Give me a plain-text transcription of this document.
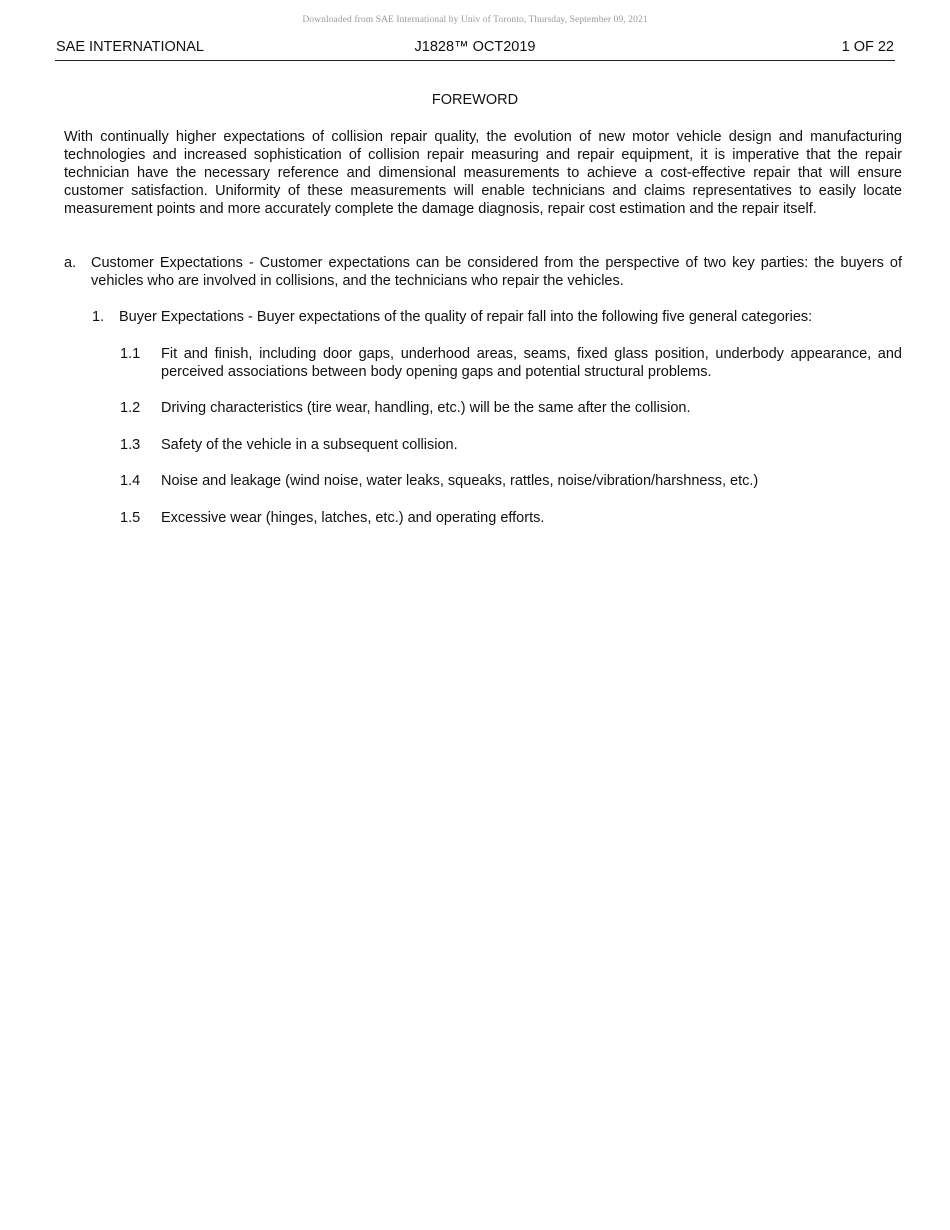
Downloaded from SAE International by Univ of Toronto, Thursday, September 09, 2021
SAE INTERNATIONAL	J1828™ OCT2019	1 OF 22
FOREWORD
With continually higher expectations of collision repair quality, the evolution of new motor vehicle design and manufacturing technologies and increased sophistication of collision repair measuring and repair equipment, it is imperative that the repair technician have the necessary reference and dimensional measurements to achieve a cost-effective repair that will ensure customer satisfaction. Uniformity of these measurements will enable technicians and claims representatives to easily locate measurement points and more accurately complete the damage diagnosis, repair cost estimation and the repair itself.
a. Customer Expectations - Customer expectations can be considered from the perspective of two key parties: the buyers of vehicles who are involved in collisions, and the technicians who repair the vehicles.
1. Buyer Expectations - Buyer expectations of the quality of repair fall into the following five general categories:
1.1 Fit and finish, including door gaps, underhood areas, seams, fixed glass position, underbody appearance, and perceived associations between body opening gaps and potential structural problems.
1.2 Driving characteristics (tire wear, handling, etc.) will be the same after the collision.
1.3 Safety of the vehicle in a subsequent collision.
1.4 Noise and leakage (wind noise, water leaks, squeaks, rattles, noise/vibration/harshness, etc.)
1.5 Excessive wear (hinges, latches, etc.) and operating efforts.
